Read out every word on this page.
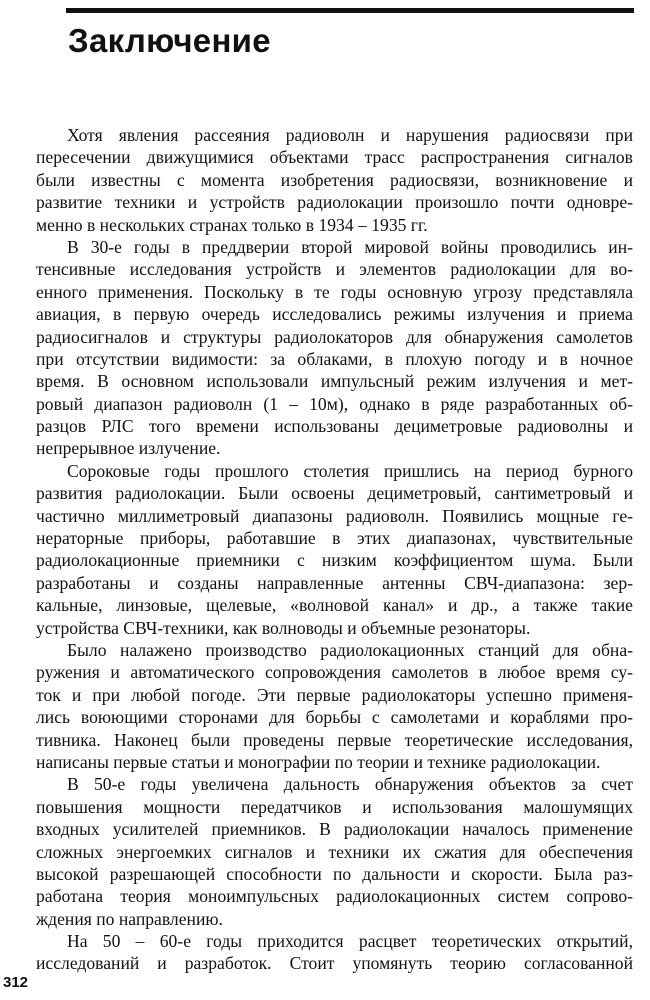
Заключение
Хотя явления рассеяния радиоволн и нарушения радиосвязи при
пересечении движущимися объектами трасс распространения сигналов
были известны с момента изобретения радиосвязи, возникновение и
развитие техники и устройств радиолокации произошло почти одновре-
менно в нескольких странах только в 1934 – 1935 гг.
В 30-е годы в преддверии второй мировой войны проводились ин-
тенсивные исследования устройств и элементов радиолокации для во-
енного применения. Поскольку в те годы основную угрозу представляла
авиация, в первую очередь исследовались режимы излучения и приема
радиосигналов и структуры радиолокаторов для обнаружения самолетов
при отсутствии видимости: за облаками, в плохую погоду и в ночное
время. В основном использовали импульсный режим излучения и мет-
ровый диапазон радиоволн (1 – 10м), однако в ряде разработанных об-
разцов РЛС того времени использованы дециметровые радиоволны и
непрерывное излучение.
Сороковые годы прошлого столетия пришлись на период бурного
развития радиолокации. Были освоены дециметровый, сантиметровый и
частично миллиметровый диапазоны радиоволн. Появились мощные ге-
нераторные приборы, работавшие в этих диапазонах, чувствительные
радиолокационные приемники с низким коэффициентом шума. Были
разработаны и созданы направленные антенны СВЧ-диапазона: зер-
кальные, линзовые, щелевые, «волновой канал» и др., а также такие
устройства СВЧ-техники, как волноводы и объемные резонаторы.
Было налажено производство радиолокационных станций для обна-
ружения и автоматического сопровождения самолетов в любое время су-
ток и при любой погоде. Эти первые радиолокаторы успешно применя-
лись воюющими сторонами для борьбы с самолетами и кораблями про-
тивника. Наконец были проведены первые теоретические исследования,
написаны первые статьи и монографии по теории и технике радиолокации.
В 50-е годы увеличена дальность обнаружения объектов за счет
повышения мощности передатчиков и использования малошумящих
входных усилителей приемников. В радиолокации началось применение
сложных энергоемких сигналов и техники их сжатия для обеспечения
высокой разрешающей способности по дальности и скорости. Была раз-
работана теория моноимпульсных радиолокационных систем сопрово-
ждения по направлению.
На 50 – 60-е годы приходится расцвет теоретических открытий,
исследований и разработок. Стоит упомянуть теорию согласованной
312
